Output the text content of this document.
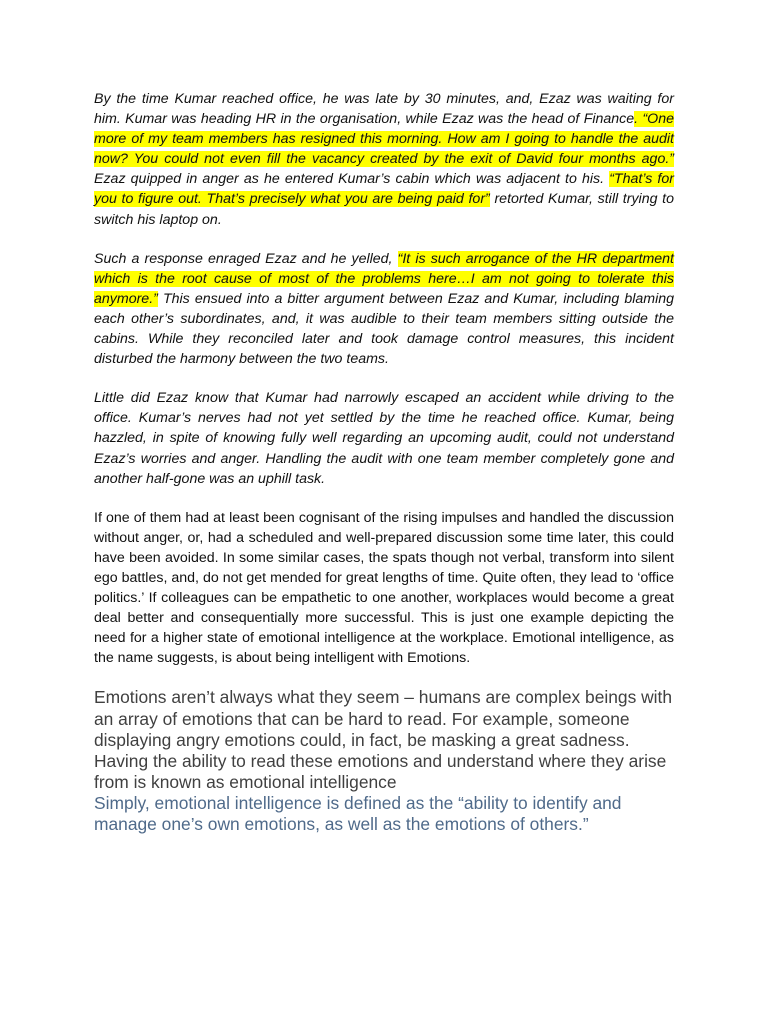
By the time Kumar reached office, he was late by 30 minutes, and, Ezaz was waiting for him. Kumar was heading HR in the organisation, while Ezaz was the head of Finance. “One more of my team members has resigned this morning. How am I going to handle the audit now? You could not even fill the vacancy created by the exit of David four months ago.” Ezaz quipped in anger as he entered Kumar’s cabin which was adjacent to his. “That’s for you to figure out. That’s precisely what you are being paid for” retorted Kumar, still trying to switch his laptop on.

Such a response enraged Ezaz and he yelled, “It is such arrogance of the HR department which is the root cause of most of the problems here…I am not going to tolerate this anymore.” This ensued into a bitter argument between Ezaz and Kumar, including blaming each other’s subordinates, and, it was audible to their team members sitting outside the cabins. While they reconciled later and took damage control measures, this incident disturbed the harmony between the two teams.

Little did Ezaz know that Kumar had narrowly escaped an accident while driving to the office. Kumar’s nerves had not yet settled by the time he reached office. Kumar, being hazzled, in spite of knowing fully well regarding an upcoming audit, could not understand Ezaz’s worries and anger. Handling the audit with one team member completely gone and another half-gone was an uphill task.

If one of them had at least been cognisant of the rising impulses and handled the discussion without anger, or, had a scheduled and well-prepared discussion some time later, this could have been avoided. In some similar cases, the spats though not verbal, transform into silent ego battles, and, do not get mended for great lengths of time. Quite often, they lead to ‘office politics.’ If colleagues can be empathetic to one another, workplaces would become a great deal better and consequentially more successful. This is just one example depicting the need for a higher state of emotional intelligence at the workplace. Emotional intelligence, as the name suggests, is about being intelligent with Emotions.

Emotions aren’t always what they seem – humans are complex beings with an array of emotions that can be hard to read. For example, someone displaying angry emotions could, in fact, be masking a great sadness. Having the ability to read these emotions and understand where they arise from is known as emotional intelligence

Simply, emotional intelligence is defined as the “ability to identify and manage one’s own emotions, as well as the emotions of others.”
